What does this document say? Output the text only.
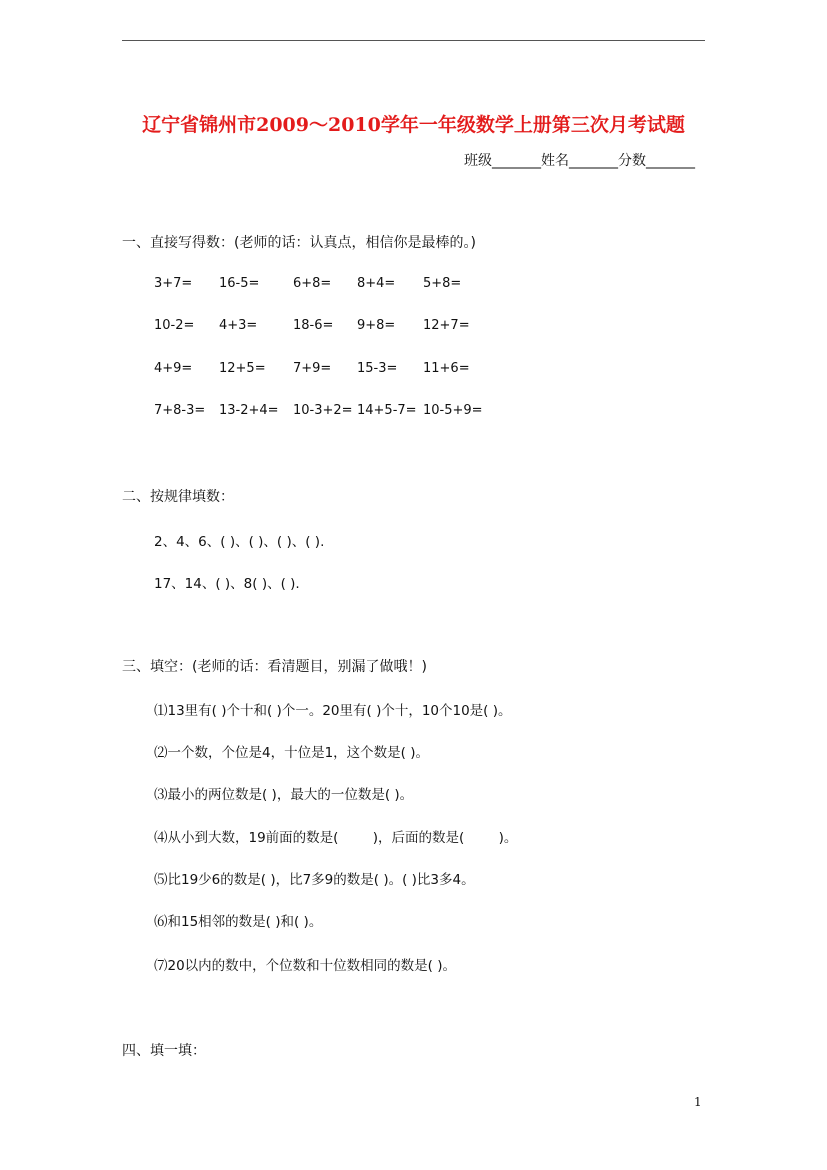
辽宁省锦州市2009～2010学年一年级数学上册第三次月考试题
班级_______姓名_______分数_______
一、直接写得数：(老师的话：认真点，相信你是最棒的。)
3+7= 16-5=	6+8= 8+4= 5+8=
10-2= 4+3=	18-6= 9+8= 12+7=
4+9= 12+5= 7+9= 15-3= 11+6=
7+8-3= 13-2+4= 10-3+2= 14+5-7= 10-5+9=
二、按规律填数：
2、4、6、( )、( )、( )、( ).
17、14、( )、8( )、( ).
三、填空：(老师的话：看清题目，别漏了做哦！)
⑴13里有( )个十和( )个一。20里有( )个十，10个10是( )。
⑵一个数，个位是4，十位是1，这个数是( )。
⑶最小的两位数是( )，最大的一位数是( )。
⑷从小到大数，19前面的数是(        )，后面的数是(        )。
⑸比19少6的数是( )，比7多9的数是( )。( )比3多4。
⑹和15相邻的数是( )和( )。
⑺20以内的数中，个位数和十位数相同的数是( )。
四、填一填：
1
